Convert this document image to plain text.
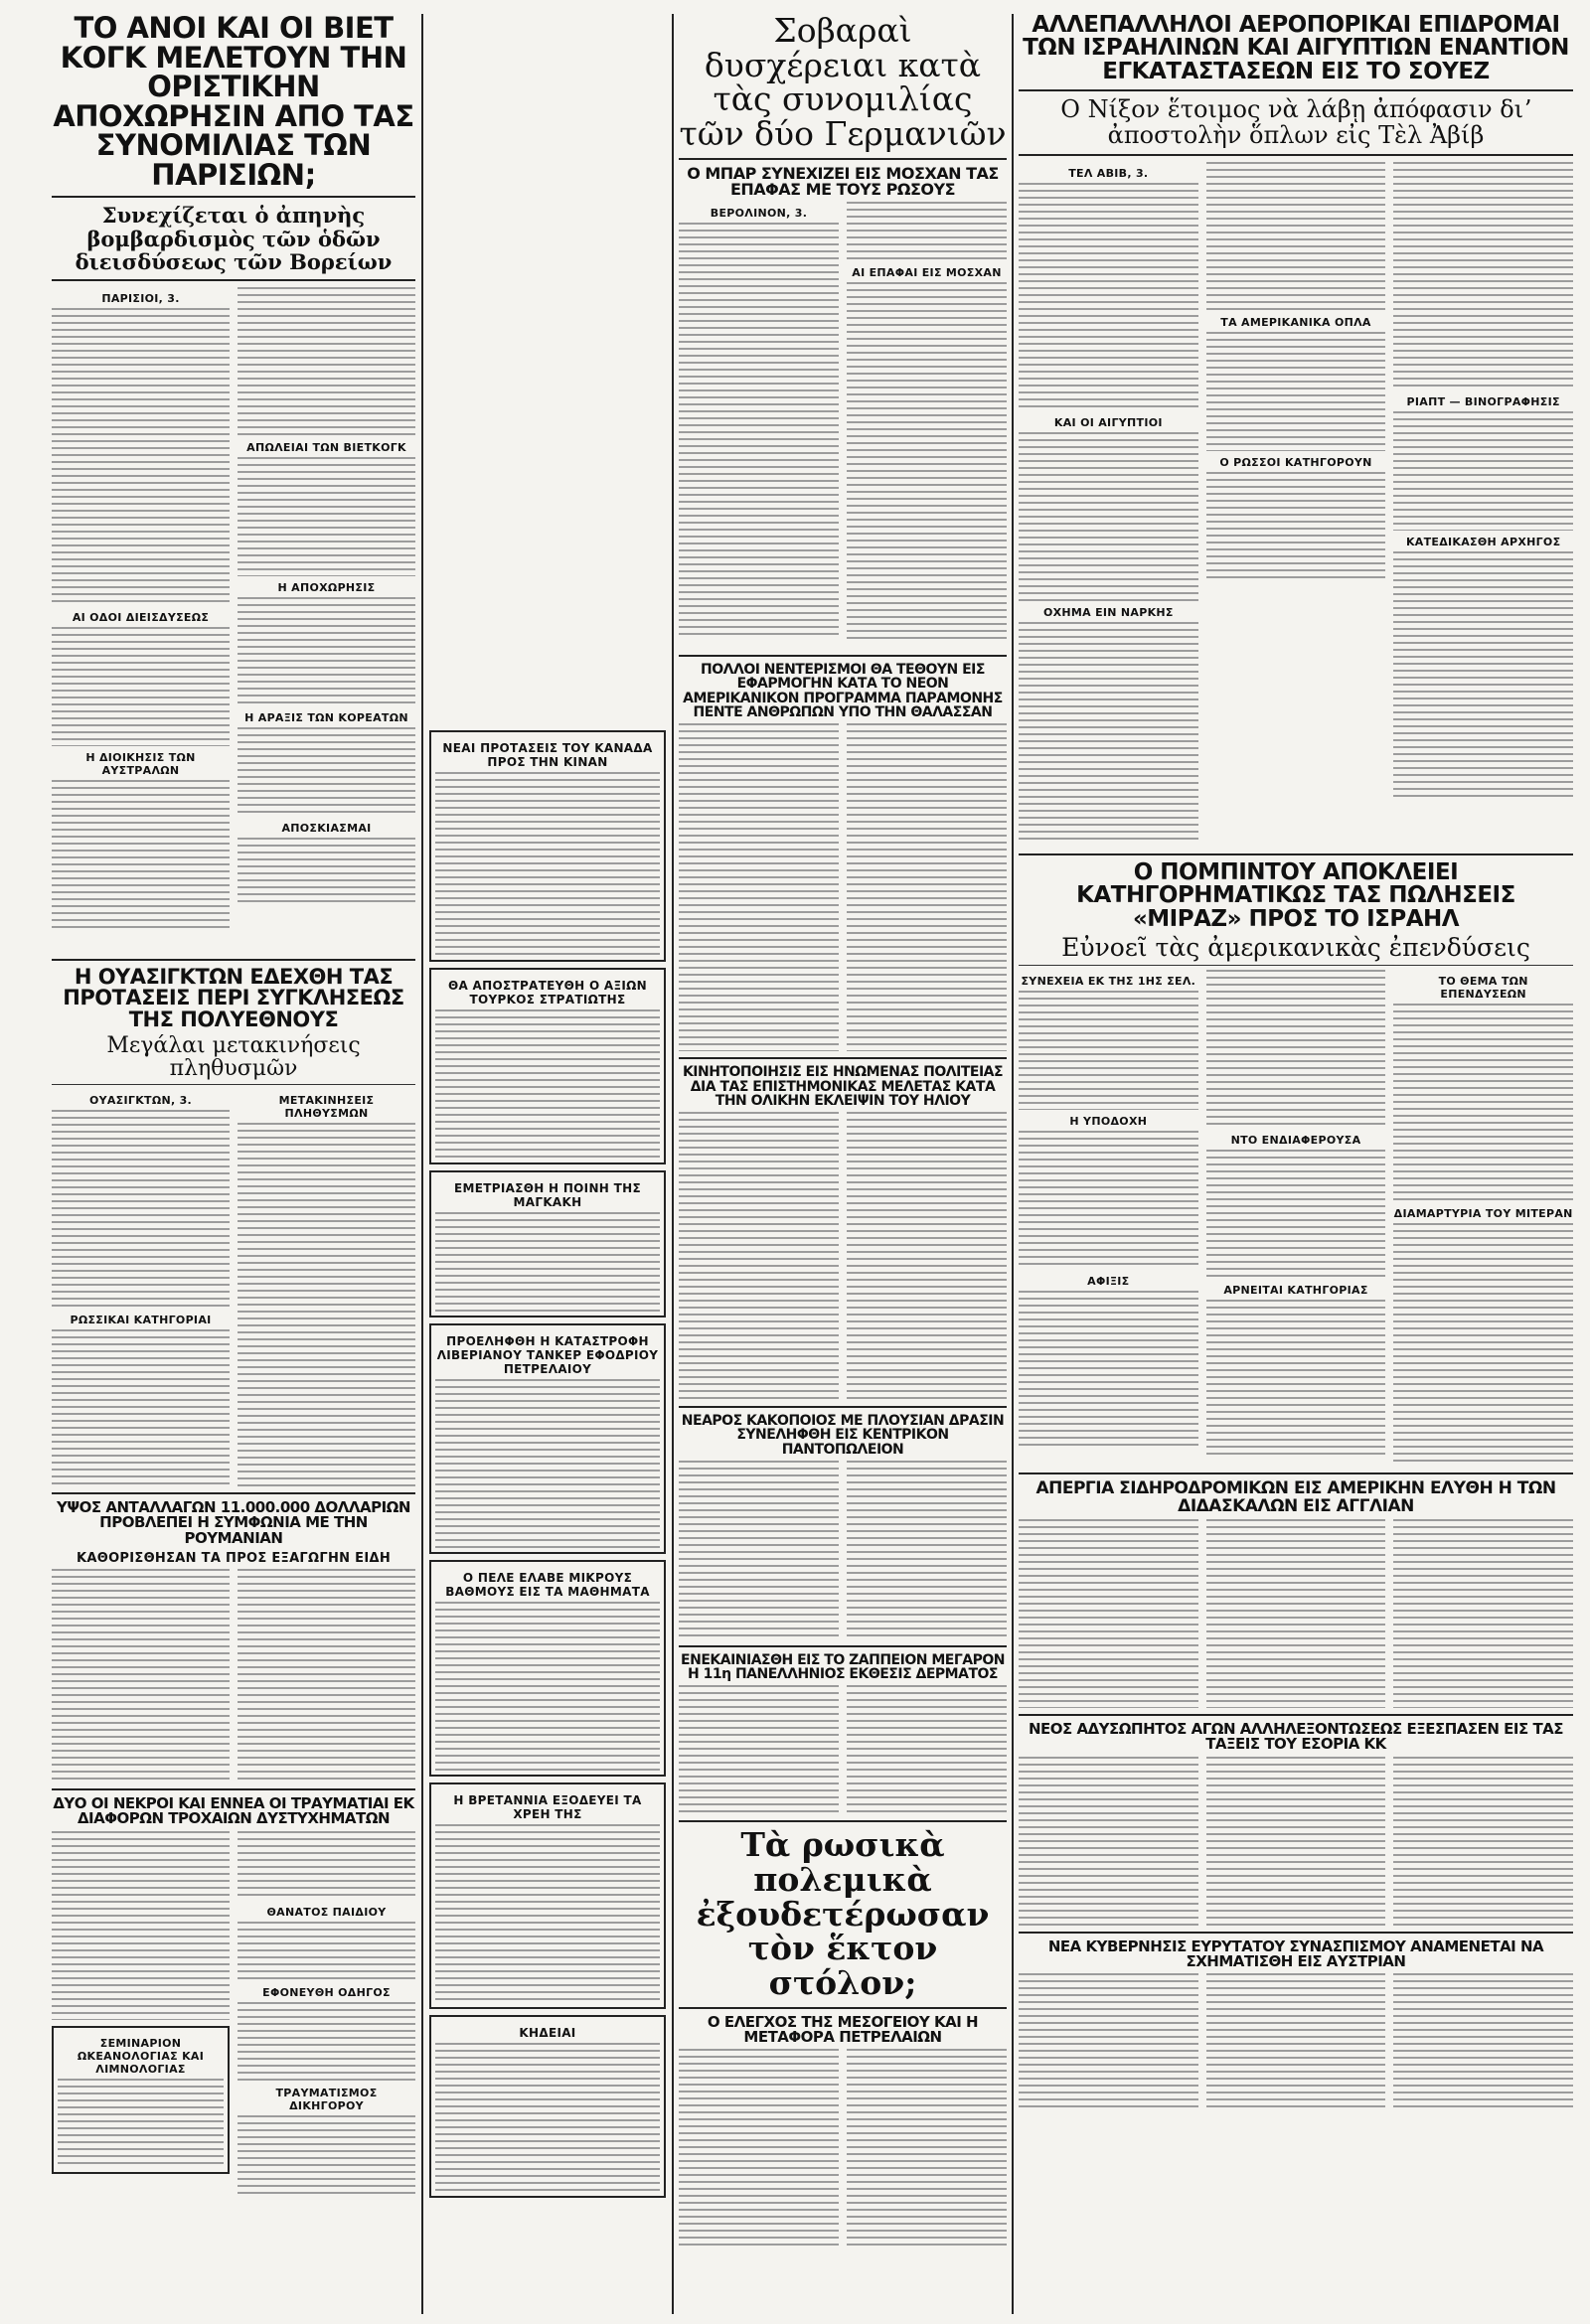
ΤΟ ΑΝΟΙ ΚΑΙ ΟΙ ΒΙΕΤ ΚΟΓΚ ΜΕΛΕΤΟΥΝ ΤΗΝ ΟΡΙΣΤΙΚΗΝ ΑΠΟΧΩΡΗΣΙΝ ΑΠΟ ΤΑΣ ΣΥΝΟΜΙΛΙΑΣ ΤΩΝ ΠΑΡΙΣΙΩΝ;
Συνεχίζεται ὁ ἀπηνὴς βομβαρδισμὸς τῶν ὁδῶν διεισδύσεως τῶν Βορείων
ΠΑΡΙΣΙΟΙ, 3.
ΑΙ ΟΔΟΙ ΔΙΕΙΣΔΥΣΕΩΣ
Η ΔΙΟΙΚΗΣΙΣ ΤΩΝ ΑΥΣΤΡΑΛΩΝ
ΑΠΩΛΕΙΑΙ ΤΩΝ ΒΙΕΤΚΟΓΚ
Η ΑΠΟΧΩΡΗΣΙΣ
Η ΑΡΑΞΙΣ ΤΩΝ ΚΟΡΕΑΤΩΝ
ΑΠΟΣΚΙΑΣΜΑΙ
Η ΟΥΑΣΙΓΚΤΩΝ ΕΔΕΧΘΗ ΤΑΣ ΠΡΟΤΑΣΕΙΣ ΠΕΡΙ ΣΥΓΚΛΗΣΕΩΣ ΤΗΣ ΠΟΛΥΕΘΝΟΥΣ
Μεγάλαι μετακινήσεις πληθυσμῶν
ΟΥΑΣΙΓΚΤΩΝ, 3.
ΡΩΣΣΙΚΑΙ ΚΑΤΗΓΟΡΙΑΙ
ΜΕΤΑΚΙΝΗΣΕΙΣ ΠΛΗΘΥΣΜΩΝ
ΥΨΟΣ ΑΝΤΑΛΛΑΓΩΝ 11.000.000 ΔΟΛΛΑΡΙΩΝ ΠΡΟΒΛΕΠΕΙ Η ΣΥΜΦΩΝΙΑ ΜΕ ΤΗΝ ΡΟΥΜΑΝΙΑΝ
ΚΑΘΟΡΙΣΘΗΣΑΝ ΤΑ ΠΡΟΣ ΕΞΑΓΩΓΗΝ ΕΙΔΗ
ΔΥΟ ΟΙ ΝΕΚΡΟΙ ΚΑΙ ΕΝΝΕΑ ΟΙ ΤΡΑΥΜΑΤΙΑΙ ΕΚ ΔΙΑΦΟΡΩΝ ΤΡΟΧΑΙΩΝ ΔΥΣΤΥΧΗΜΑΤΩΝ
ΣΕΜΙΝΑΡΙΟΝ ΩΚΕΑΝΟΛΟΓΙΑΣ ΚΑΙ ΛΙΜΝΟΛΟΓΙΑΣ
ΘΑΝΑΤΟΣ ΠΑΙΔΙΟΥ
ΕΦΟΝΕΥΘΗ ΟΔΗΓΟΣ
ΤΡΑΥΜΑΤΙΣΜΟΣ ΔΙΚΗΓΟΡΟΥ
ΝΕΑΙ ΠΡΟΤΑΣΕΙΣ ΤΟΥ ΚΑΝΑΔΑ ΠΡΟΣ ΤΗΝ ΚΙΝΑΝ
ΘΑ ΑΠΟΣΤΡΑΤΕΥΘΗ Ο ΑΞΙΩΝ ΤΟΥΡΚΟΣ ΣΤΡΑΤΙΩΤΗΣ
ΕΜΕΤΡΙΑΣΘΗ Η ΠΟΙΝΗ ΤΗΣ ΜΑΓΚΑΚΗ
ΠΡΟΕΛΗΦΘΗ Η ΚΑΤΑΣΤΡΟΦΗ ΛΙΒΕΡΙΑΝΟΥ ΤΑΝΚΕΡ ΕΦΟΔΡΙΟΥ ΠΕΤΡΕΛΑΙΟΥ
Ο ΠΕΛΕ ΕΛΑΒΕ ΜΙΚΡΟΥΣ ΒΑΘΜΟΥΣ ΕΙΣ ΤΑ ΜΑΘΗΜΑΤΑ
Η ΒΡΕΤΑΝΝΙΑ ΕΞΟΔΕΥΕΙ ΤΑ ΧΡΕΗ ΤΗΣ
ΚΗΔΕΙΑΙ
Σοβαραὶ δυσχέρειαι κατὰ τὰς συνομιλίας τῶν δύο Γερμανιῶν
Ο ΜΠΑΡ ΣΥΝΕΧΙΖΕΙ ΕΙΣ ΜΟΣΧΑΝ ΤΑΣ ΕΠΑΦΑΣ ΜΕ ΤΟΥΣ ΡΩΣΟΥΣ
ΒΕΡΟΛΙΝΟΝ, 3.
ΑΙ ΕΠΑΦΑΙ ΕΙΣ ΜΟΣΧΑΝ
ΠΟΛΛΟΙ ΝΕΝΤΕΡΙΣΜΟΙ ΘΑ ΤΕΘΟΥΝ ΕΙΣ ΕΦΑΡΜΟΓΗΝ ΚΑΤΑ ΤΟ ΝΕΟΝ ΑΜΕΡΙΚΑΝΙΚΟΝ ΠΡΟΓΡΑΜΜΑ ΠΑΡΑΜΟΝΗΣ ΠΕΝΤΕ ΑΝΘΡΩΠΩΝ ΥΠΟ ΤΗΝ ΘΑΛΑΣΣΑΝ
ΚΙΝΗΤΟΠΟΙΗΣΙΣ ΕΙΣ ΗΝΩΜΕΝΑΣ ΠΟΛΙΤΕΙΑΣ ΔΙΑ ΤΑΣ ΕΠΙΣΤΗΜΟΝΙΚΑΣ ΜΕΛΕΤΑΣ ΚΑΤΑ ΤΗΝ ΟΛΙΚΗΝ ΕΚΛΕΙΨΙΝ ΤΟΥ ΗΛΙΟΥ
ΝΕΑΡΟΣ ΚΑΚΟΠΟΙΟΣ ΜΕ ΠΛΟΥΣΙΑΝ ΔΡΑΣΙΝ ΣΥΝΕΛΗΦΘΗ ΕΙΣ ΚΕΝΤΡΙΚΟΝ ΠΑΝΤΟΠΩΛΕΙΟΝ
ΕΝΕΚΑΙΝΙΑΣΘΗ ΕΙΣ ΤΟ ΖΑΠΠΕΙΟΝ ΜΕΓΑΡΟΝ Η 11η ΠΑΝΕΛΛΗΝΙΟΣ ΕΚΘΕΣΙΣ ΔΕΡΜΑΤΟΣ
Τὰ ρωσικὰ πολεμικὰ ἐξουδετέρωσαν τὸν ἕκτον στόλον;
Ο ΕΛΕΓΧΟΣ ΤΗΣ ΜΕΣΟΓΕΙΟΥ ΚΑΙ Η ΜΕΤΑΦΟΡΑ ΠΕΤΡΕΛΑΙΩΝ
ΑΛΛΕΠΑΛΛΗΛΟΙ ΑΕΡΟΠΟΡΙΚΑΙ ΕΠΙΔΡΟΜΑΙ ΤΩΝ ΙΣΡΑΗΛΙΝΩΝ ΚΑΙ ΑΙΓΥΠΤΙΩΝ ΕΝΑΝΤΙΟΝ ΕΓΚΑΤΑΣΤΑΣΕΩΝ ΕΙΣ ΤΟ ΣΟΥΕΖ
Ο Νίξον ἕτοιμος νὰ λάβῃ ἀπόφασιν διʼ ἀποστολὴν ὅπλων εἰς Τὲλ Ἀβίβ
ΤΕΛ ΑΒΙΒ, 3.
ΚΑΙ ΟΙ ΑΙΓΥΠΤΙΟΙ
ΟΧΗΜΑ ΕΙΝ ΝΑΡΚΗΣ
ΤΑ ΑΜΕΡΙΚΑΝΙΚΑ ΟΠΛΑ
Ο ΡΩΣΣΟΙ ΚΑΤΗΓΟΡΟΥΝ
ΡΙΑΠΤ — ΒΙΝΟΓΡΑΦΗΣΙΣ
ΚΑΤΕΔΙΚΑΣΘΗ ΑΡΧΗΓΟΣ
Ο ΠΟΜΠΙΝΤΟΥ ΑΠΟΚΛΕΙΕΙ ΚΑΤΗΓΟΡΗΜΑΤΙΚΩΣ ΤΑΣ ΠΩΛΗΣΕΙΣ «ΜΙΡΑΖ» ΠΡΟΣ ΤΟ ΙΣΡΑΗΛ
Εὐνοεῖ τὰς ἀμερικανικὰς ἐπενδύσεις
ΣΥΝΕΧΕΙΑ ΕΚ ΤΗΣ 1ΗΣ ΣΕΛ.
Η ΥΠΟΔΟΧΗ
ΑΦΙΞΙΣ
ΝΤΟ ΕΝΔΙΑΦΕΡΟΥΣΑ
ΑΡΝΕΙΤΑΙ ΚΑΤΗΓΟΡΙΑΣ
ΤΟ ΘΕΜΑ ΤΩΝ ΕΠΕΝΔΥΣΕΩΝ
ΔΙΑΜΑΡΤΥΡΙΑ ΤΟΥ ΜΙΤΕΡΑΝ
ΑΠΕΡΓΙΑ ΣΙΔΗΡΟΔΡΟΜΙΚΩΝ ΕΙΣ ΑΜΕΡΙΚΗΝ ΕΛΥΘΗ Η ΤΩΝ ΔΙΔΑΣΚΑΛΩΝ ΕΙΣ ΑΓΓΛΙΑΝ
ΝΕΟΣ ΑΔΥΣΩΠΗΤΟΣ ΑΓΩΝ ΑΛΛΗΛΕΞΟΝΤΩΣΕΩΣ ΕΞΕΣΠΑΣΕΝ ΕΙΣ ΤΑΣ ΤΑΞΕΙΣ ΤΟΥ ΕΣΟΡΙΑ ΚΚ
ΝΕΑ ΚΥΒΕΡΝΗΣΙΣ ΕΥΡΥΤΑΤΟΥ ΣΥΝΑΣΠΙΣΜΟΥ ΑΝΑΜΕΝΕΤΑΙ ΝΑ ΣΧΗΜΑΤΙΣΘΗ ΕΙΣ ΑΥΣΤΡΙΑΝ
